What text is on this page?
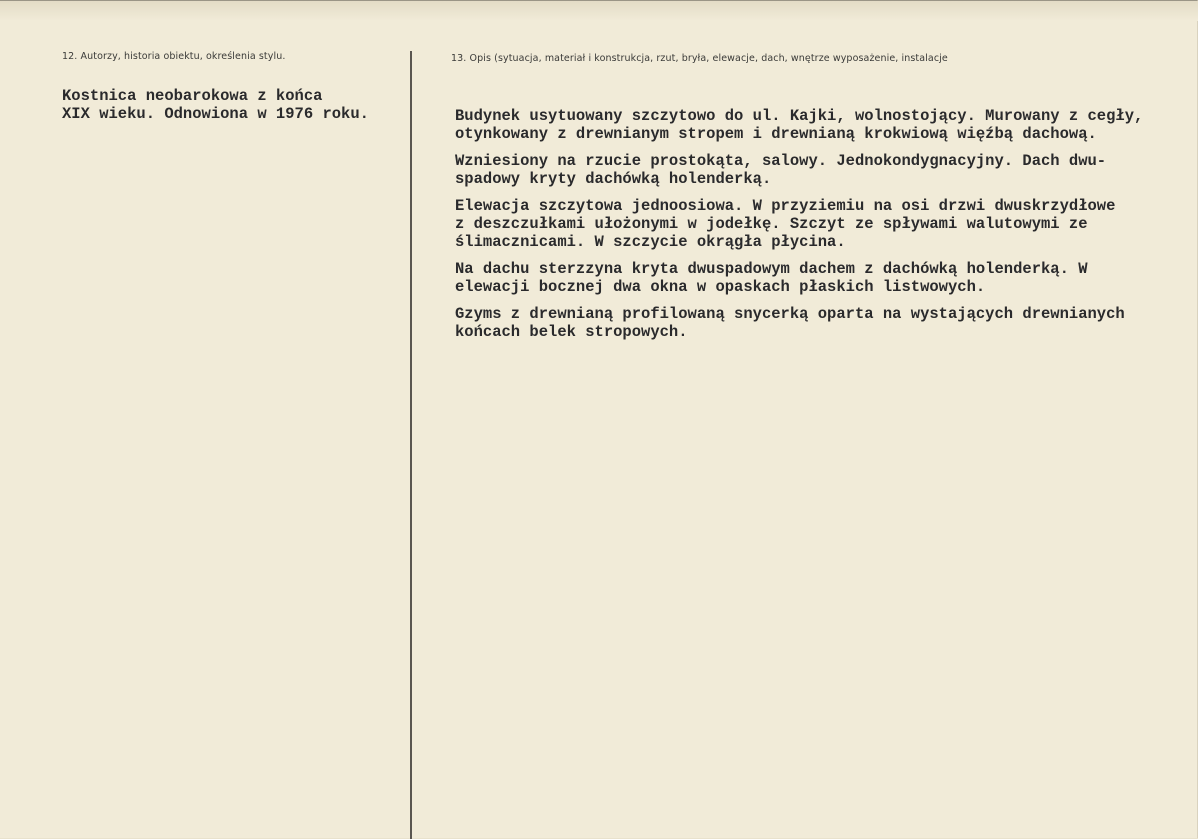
12. Autorzy, historia obiektu, określenia stylu.	13. Opis (sytuacja, materiał i konstrukcja, rzut, bryła, elewacje, dach, wnętrze wyposażenie, instalacje
Kostnica neobarokowa z końca
XIX wieku. Odnowiona w 1976 roku.	Budynek usytuowany szczytowo do ul. Kajki, wolnostojący. Murowany z cegły,
otynkowany z drewnianym stropem i drewnianą krokwiową więźbą dachową.
Wzniesiony na rzucie prostokąta, salowy. Jednokondygnacyjny. Dach dwu-
spadowy kryty dachówką holenderką.
Elewacja szczytowa jednoosiowa. W przyziemiu na osi drzwi dwuskrzydłowe
z deszczułkami ułożonymi w jodełkę. Szczyt ze spływami walutowymi ze
ślimacznicami. W szczycie okrągła płycina.
Na dachu sterzzyna kryta dwuspadowym dachem z dachówką holenderką. W
elewacji bocznej dwa okna w opaskach płaskich listwowych.
Gzyms z drewnianą profilowaną snycerką oparta na wystających drewnianych
końcach belek stropowych.
